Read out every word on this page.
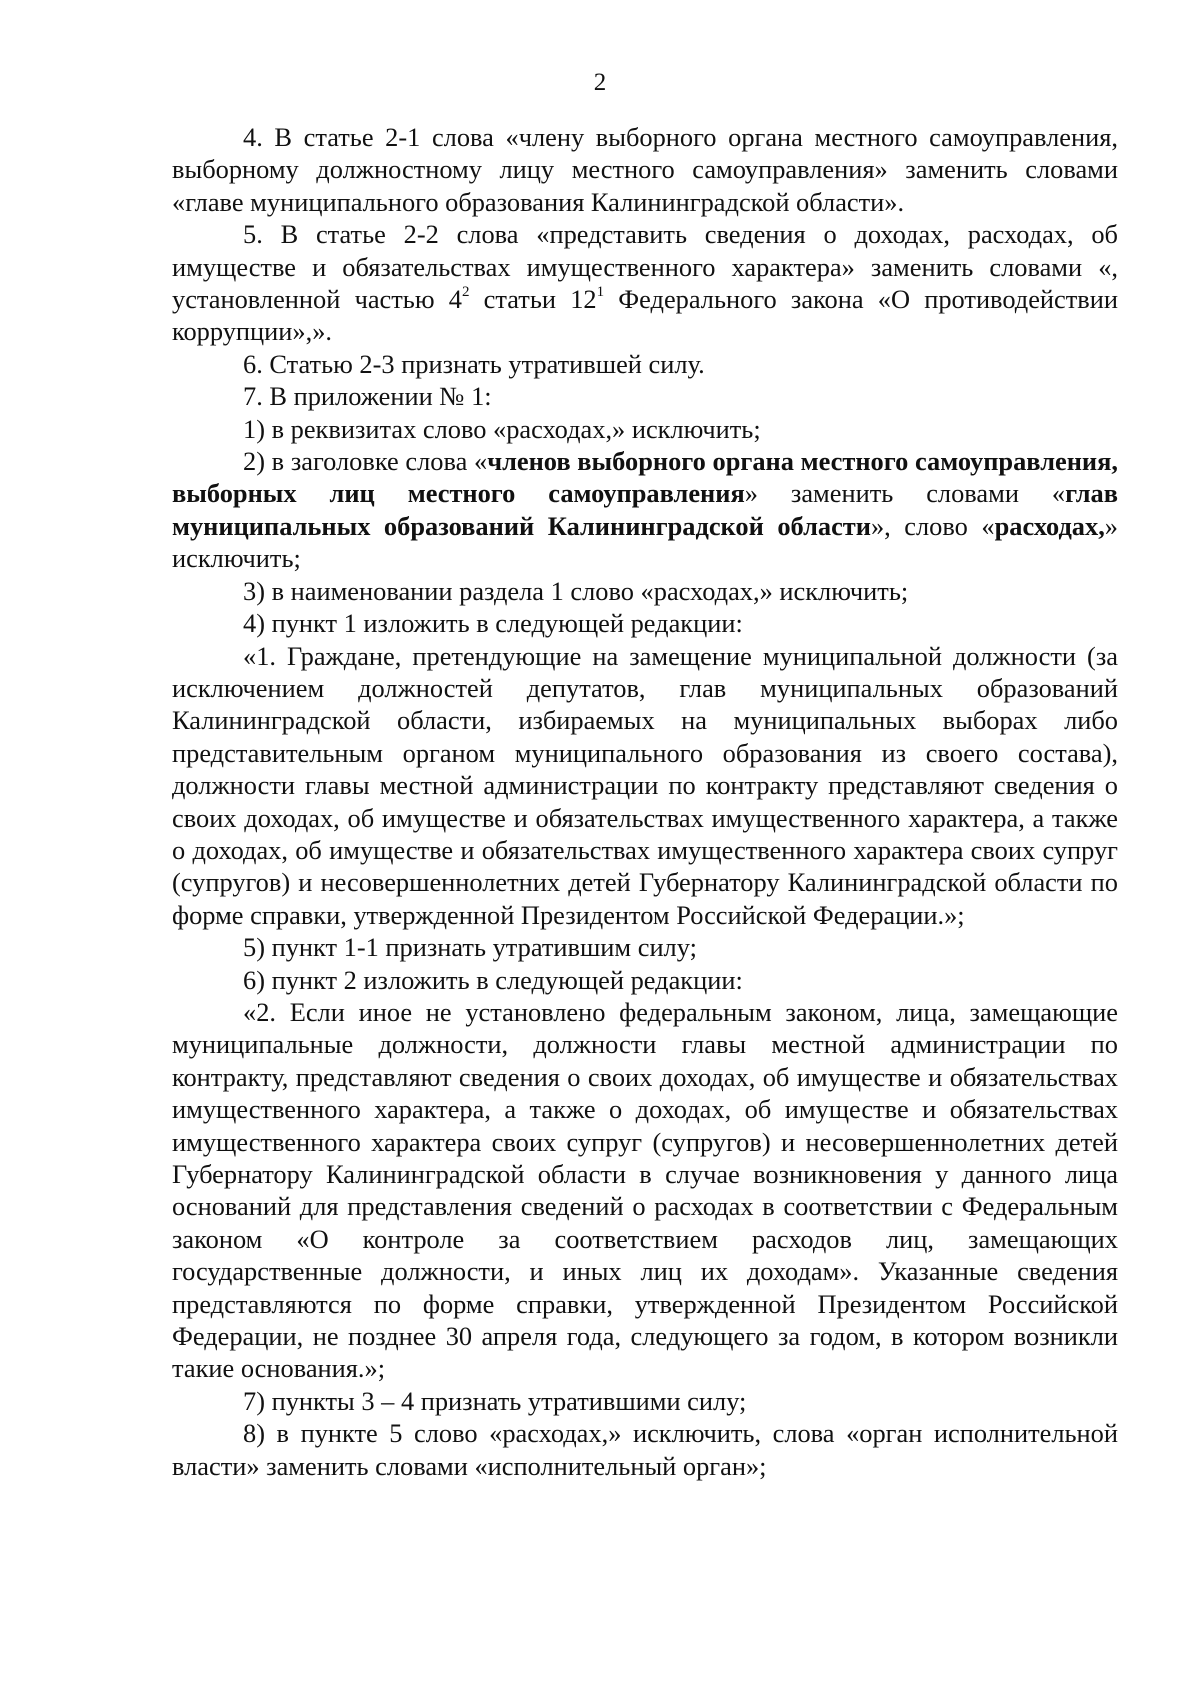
2

4. В статье 2-1 слова «члену выборного органа местного самоуправления, выборному должностному лицу местного самоуправления» заменить словами «главе муниципального образования Калининградской области».

5. В статье 2-2 слова «представить сведения о доходах, расходах, об имуществе и обязательствах имущественного характера» заменить словами «, установленной частью $4^2$ статьи $12^1$ Федерального закона «О противодействии коррупции»,».

6. Статью 2-3 признать утратившей силу.

7. В приложении № 1:

1) в реквизитах слово «расходах,» исключить;

2) в заголовке слова «членов выборного органа местного самоуправления, выборных лиц местного самоуправления» заменить словами «глав муниципальных образований Калининградской области», слово «расходах,» исключить;

3) в наименовании раздела 1 слово «расходах,» исключить;

4) пункт 1 изложить в следующей редакции:

«1. Граждане, претендующие на замещение муниципальной должности (за исключением должностей депутатов, глав муниципальных образований Калининградской области, избираемых на муниципальных выборах либо представительным органом муниципального образования из своего состава), должности главы местной администрации по контракту представляют сведения о своих доходах, об имуществе и обязательствах имущественного характера, а также о доходах, об имуществе и обязательствах имущественного характера своих супруг (супругов) и несовершеннолетних детей Губернатору Калининградской области по форме справки, утвержденной Президентом Российской Федерации.»;

5) пункт 1-1 признать утратившим силу;

6) пункт 2 изложить в следующей редакции:

«2. Если иное не установлено федеральным законом, лица, замещающие муниципальные должности, должности главы местной администрации по контракту, представляют сведения о своих доходах, об имуществе и обязательствах имущественного характера, а также о доходах, об имуществе и обязательствах имущественного характера своих супруг (супругов) и несовершеннолетних детей Губернатору Калининградской области в случае возникновения у данного лица оснований для представления сведений о расходах в соответствии с Федеральным законом «О контроле за соответствием расходов лиц, замещающих государственные должности, и иных лиц их доходам». Указанные сведения представляются по форме справки, утвержденной Президентом Российской Федерации, не позднее 30 апреля года, следующего за годом, в котором возникли такие основания.»;

7) пункты 3 – 4 признать утратившими силу;

8) в пункте 5 слово «расходах,» исключить, слова «орган исполнительной власти» заменить словами «исполнительный орган»;
